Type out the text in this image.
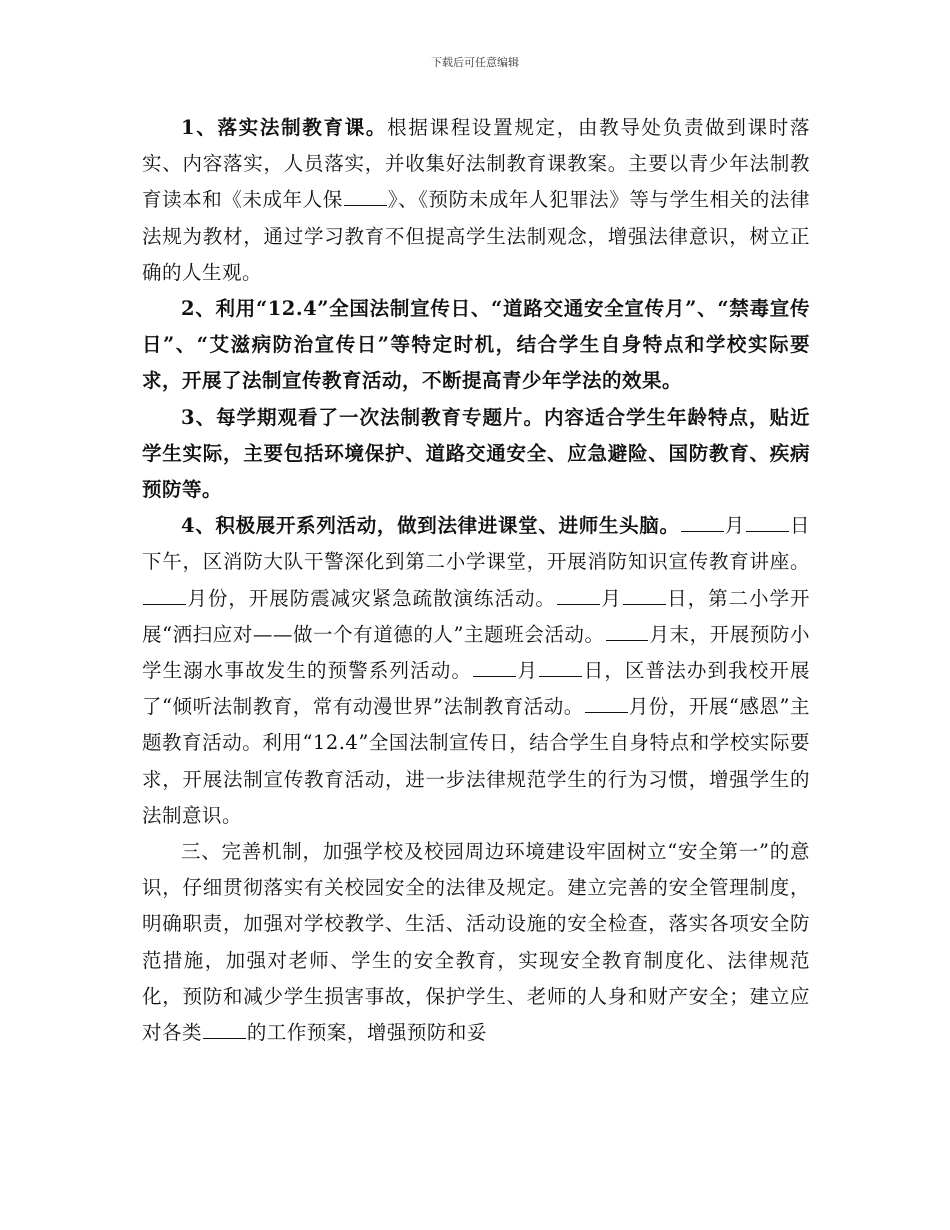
下载后可任意编辑

1、落实法制教育课。根据课程设置规定，由教导处负责做到课时落实、内容落实，人员落实，并收集好法制教育课教案。主要以青少年法制教育读本和《未成年人保 》、《预防未成年人犯罪法》等与学生相关的法律法规为教材，通过学习教育不但提高学生法制观念，增强法律意识，树立正确的人生观。

2、利用“12.4”全国法制宣传日、“道路交通安全宣传月”、“禁毒宣传日”、“艾滋病防治宣传日”等特定时机，结合学生自身特点和学校实际要求，开展了法制宣传教育活动，不断提高青少年学法的效果。

3、每学期观看了一次法制教育专题片。内容适合学生年龄特点，贴近学生实际，主要包括环境保护、道路交通安全、应急避险、国防教育、疾病预防等。

4、积极展开系列活动，做到法律进课堂、进师生头脑。 月 日下午，区消防大队干警深化到第二小学课堂，开展消防知识宣传教育讲座。月份，开展防震减灾紧急疏散演练活动。 月 日，第二小学开展“洒扫应对——做一个有道德的人”主题班会活动。 月末，开展预防小学生溺水事故发生的预警系列活动。 月 日，区普法办到我校开展了“倾听法制教育，常有动漫世界”法制教育活动。 月份，开展“感恩”主题教育活动。利用“12.4”全国法制宣传日，结合学生自身特点和学校实际要求，开展法制宣传教育活动，进一步法律规范学生的行为习惯，增强学生的法制意识。

三、完善机制，加强学校及校园周边环境建设牢固树立“安全第一”的意识，仔细贯彻落实有关校园安全的法律及规定。建立完善的安全管理制度，明确职责，加强对学校教学、生活、活动设施的安全检查，落实各项安全防范措施，加强对老师、学生的安全教育，实现安全教育制度化、法律规范化，预防和减少学生损害事故，保护学生、老师的人身和财产安全；建立应对各类 的工作预案，增强预防和妥
